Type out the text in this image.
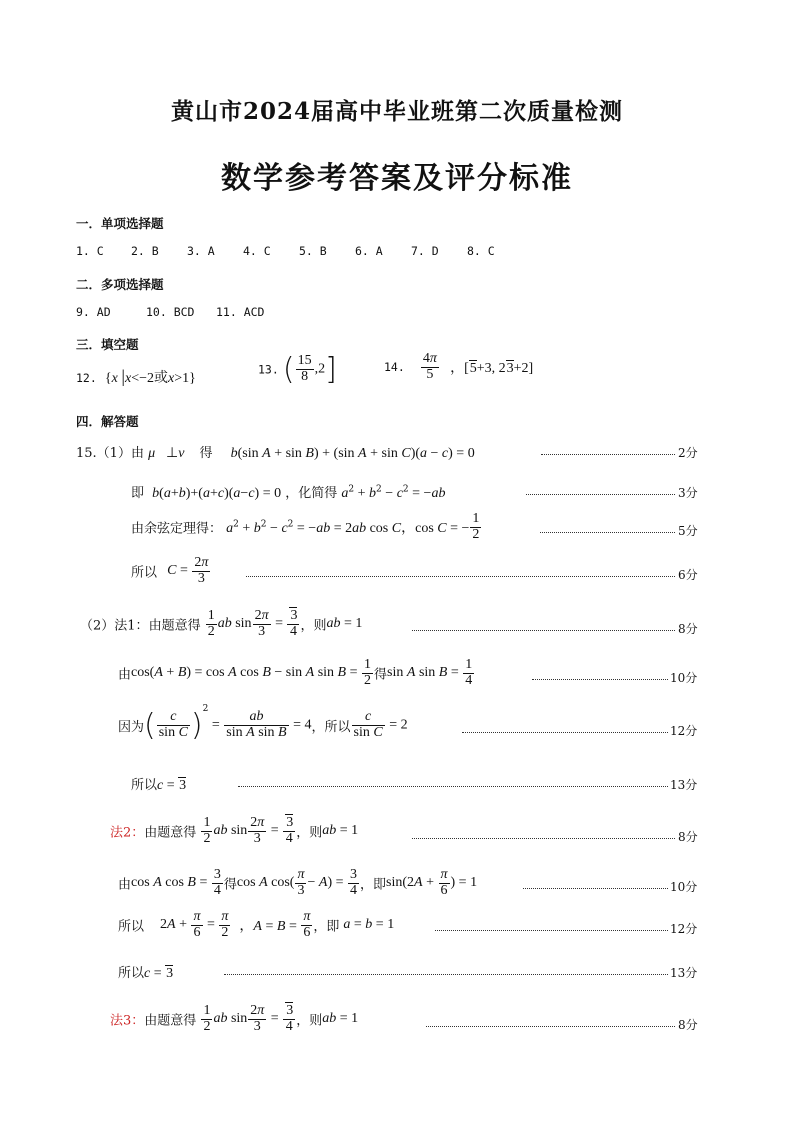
黄山市2024届高中毕业班第二次质量检测
数学参考答案及评分标准
一．单项选择题
1. C 2. B 3. A 4. C 5. B 6. A 7. D 8. C
二．多项选择题
9. AD	10. BCD 11. ACD
三．填空题
12. {x |x<−2或x>1}
13. ( $\frac{15}{8} ,2$]	14. $\frac{4\pi}{5}$ ，[5+3, 23+2]
四．解答题
15.（1）由 μ⃗⊥ν⃗ 得 b(sin A + sin B) + (sin A + sin C)(a − c) = 0	2分
即 b(a+b)+(a+c)(a−c) = 0 ，化简得 $a^2 + b^2 - c^2 = -ab$	3分
由余弦定理得： $a^2 + b^2 - c^2 = -ab = 2ab$ cos C，cos C = − $\frac{1}{2}$	5分
所以 $C = \frac{2\pi}{3}$	6分
（2）法1：由题意得 $\frac{1}{2}$ ab $\sin \frac{2\pi}{3} = \frac{3}{4}$ ，则ab = 1	8分
由cos(A + B) = cos A cos B − sin A $\sin B = \frac{1}{2}$ 得sin A $\sin B = \frac{1}{4}$	10分
因为( $\frac{c}{\text{sin C}} )^2 = \frac{ab}{\text{sin A sin B}} = 4$，所以 $\frac{c}{\text{sin C}} = 2$	12分
所以c = 3	13分
法2：由题意得 $\frac{1}{2}$ ab $\sin \frac{2\pi}{3} = \frac{3}{4}$ ，则ab = 1	8分
由cos A $\cos B = \frac{3}{4}$ 得cos A $\cos( \frac{\pi}{3} - A) = \frac{3}{4}$ ，即$\sin(2A + \frac{\pi}{6}$ ) = 1	10分
所以 $2A + \frac{\pi}{6} = \frac{\pi}{2}$ ，$A = B = \frac{\pi}{6}$ ，即 a = b = 1	12分
所以c = 3	13分
法3：由题意得 $\frac{1}{2}$ ab $\sin \frac{2\pi}{3} = \frac{3}{4}$ ，则ab = 1	8分
